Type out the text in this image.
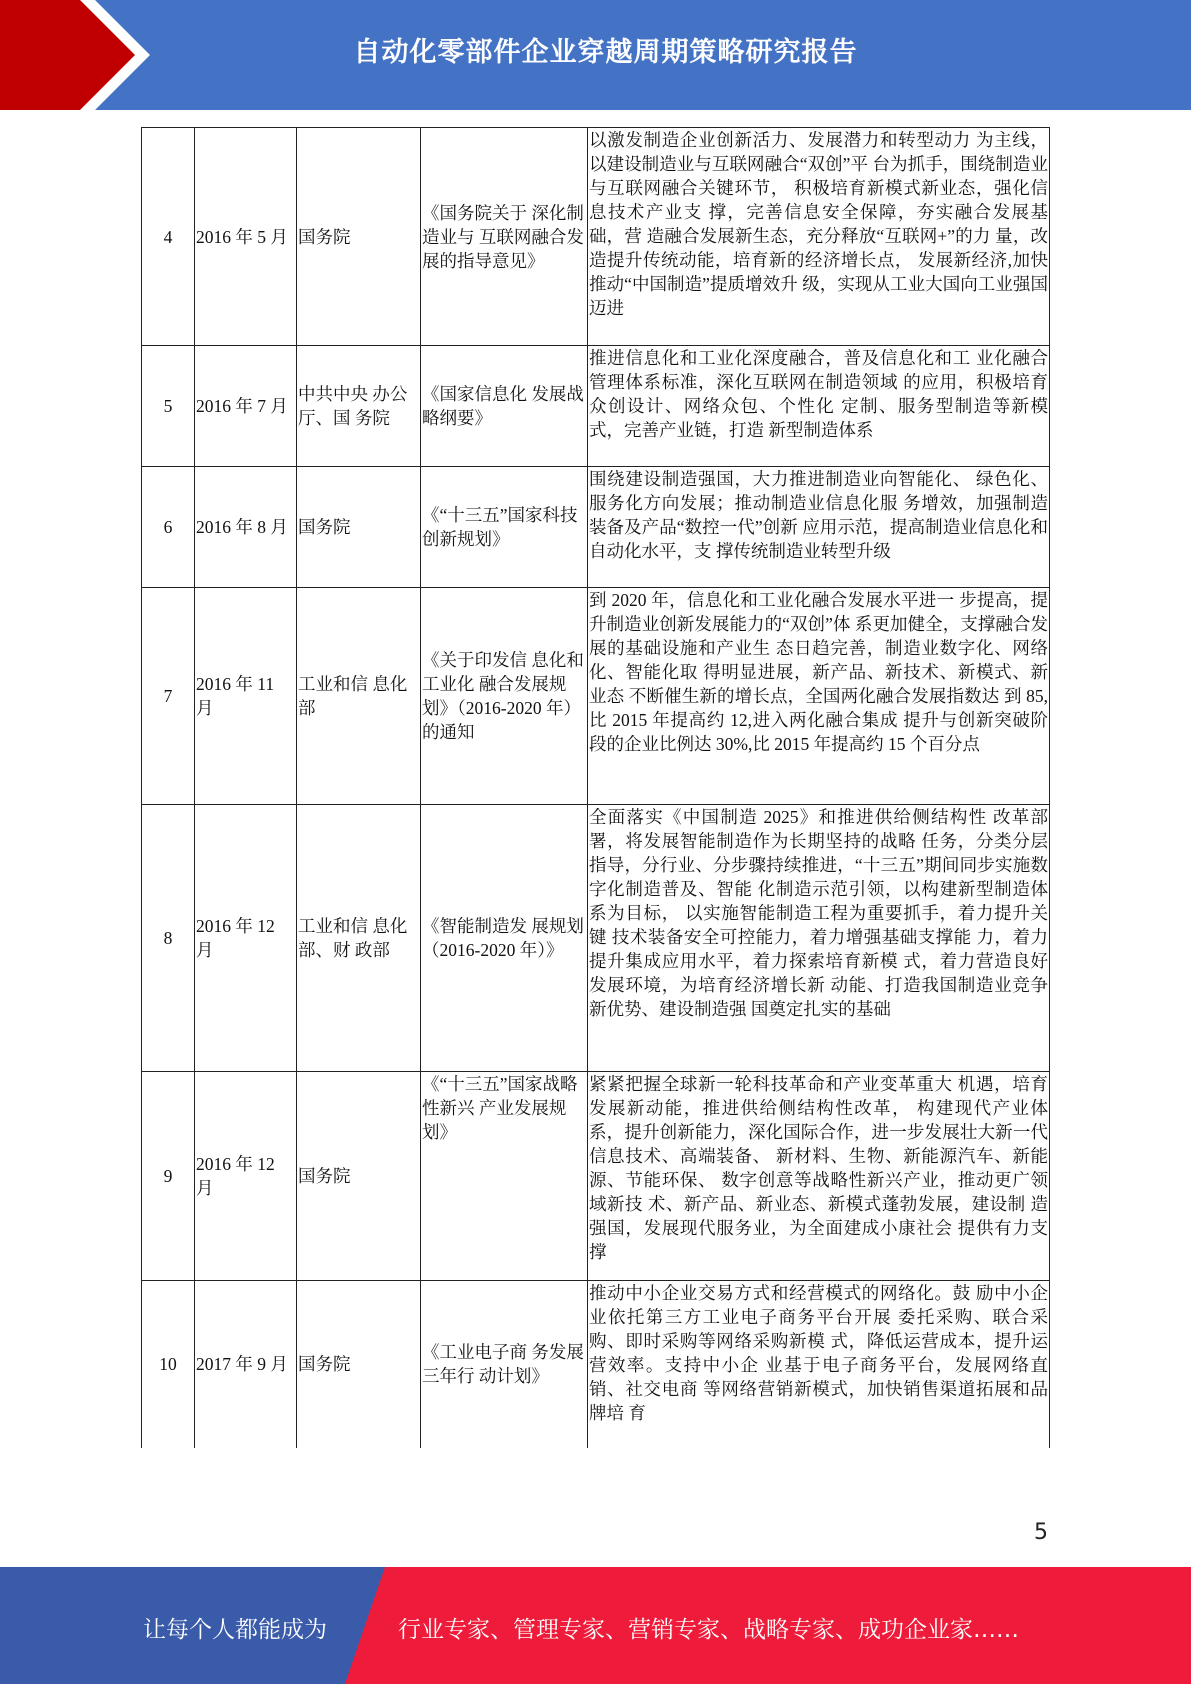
自动化零部件企业穿越周期策略研究报告
4	2016 年 5 月	国务院	《国务院关于 深化制造业与 互联网融合发 展的指导意见》	以激发制造企业创新活力、发展潜力和转型动力 为主线，以建设制造业与互联网融合“双创”平 台为抓手，围绕制造业与互联网融合关键环节， 积极培育新模式新业态，强化信息技术产业支 撑，完善信息安全保障，夯实融合发展基础，营 造融合发展新生态，充分释放“互联网+”的力 量，改造提升传统动能，培育新的经济增长点， 发展新经济,加快推动“中国制造”提质增效升 级，实现从工业大国向工业强国迈进
5	2016 年 7 月	中共中央 办公厅、国 务院	《国家信息化 发展战略纲要》	推进信息化和工业化深度融合，普及信息化和工 业化融合管理体系标准，深化互联网在制造领域 的应用，积极培育众创设计、网络众包、个性化 定制、服务型制造等新模式，完善产业链，打造 新型制造体系
6	2016 年 8 月	国务院	《“十三五”国家科技创新规划》	围绕建设制造强国，大力推进制造业向智能化、 绿色化、服务化方向发展；推动制造业信息化服 务增效，加强制造装备及产品“数控一代”创新 应用示范，提高制造业信息化和自动化水平，支 撑传统制造业转型升级
7	2016 年 11 月	工业和信 息化部	《关于印发信 息化和工业化 融合发展规划》（2016-2020 年）的通知	到 2020 年，信息化和工业化融合发展水平进一 步提高，提升制造业创新发展能力的“双创”体 系更加健全，支撑融合发展的基础设施和产业生 态日趋完善，制造业数字化、网络化、智能化取 得明显进展，新产品、新技术、新模式、新业态 不断催生新的增长点，全国两化融合发展指数达 到 85,比 2015 年提高约 12,进入两化融合集成 提升与创新突破阶段的企业比例达 30%,比 2015 年提高约 15 个百分点
8	2016 年 12 月	工业和信 息化部、财 政部	《智能制造发 展规划（2016-2020 年）》	全面落实《中国制造 2025》和推进供给侧结构性 改革部署，将发展智能制造作为长期坚持的战略 任务，分类分层指导，分行业、分步骤持续推进，“十三五”期间同步实施数字化制造普及、智能 化制造示范引领，以构建新型制造体系为目标， 以实施智能制造工程为重要抓手，着力提升关键 技术装备安全可控能力，着力增强基础支撑能 力，着力提升集成应用水平，着力探索培育新模 式，着力营造良好发展环境，为培育经济增长新 动能、打造我国制造业竞争新优势、建设制造强 国奠定扎实的基础
9	2016 年 12 月	国务院	《“十三五”国家战略性新兴 产业发展规划》	紧紧把握全球新一轮科技革命和产业变革重大 机遇，培育发展新动能，推进供给侧结构性改革， 构建现代产业体系，提升创新能力，深化国际合作，进一步发展壮大新一代信息技术、高端装备、 新材料、生物、新能源汽车、新能源、节能环保、 数字创意等战略性新兴产业，推动更广领域新技 术、新产品、新业态、新模式蓬勃发展，建设制 造强国，发展现代服务业，为全面建成小康社会 提供有力支撑
10	2017 年 9 月	国务院	《工业电子商 务发展三年行 动计划》	推动中小企业交易方式和经营模式的网络化。鼓 励中小企业依托第三方工业电子商务平台开展 委托采购、联合采购、即时采购等网络采购新模 式，降低运营成本，提升运营效率。支持中小企 业基于电子商务平台，发展网络直销、社交电商 等网络营销新模式，加快销售渠道拓展和品牌培 育
5
让每个人都能成为	行业专家、管理专家、营销专家、战略专家、成功企业家……
